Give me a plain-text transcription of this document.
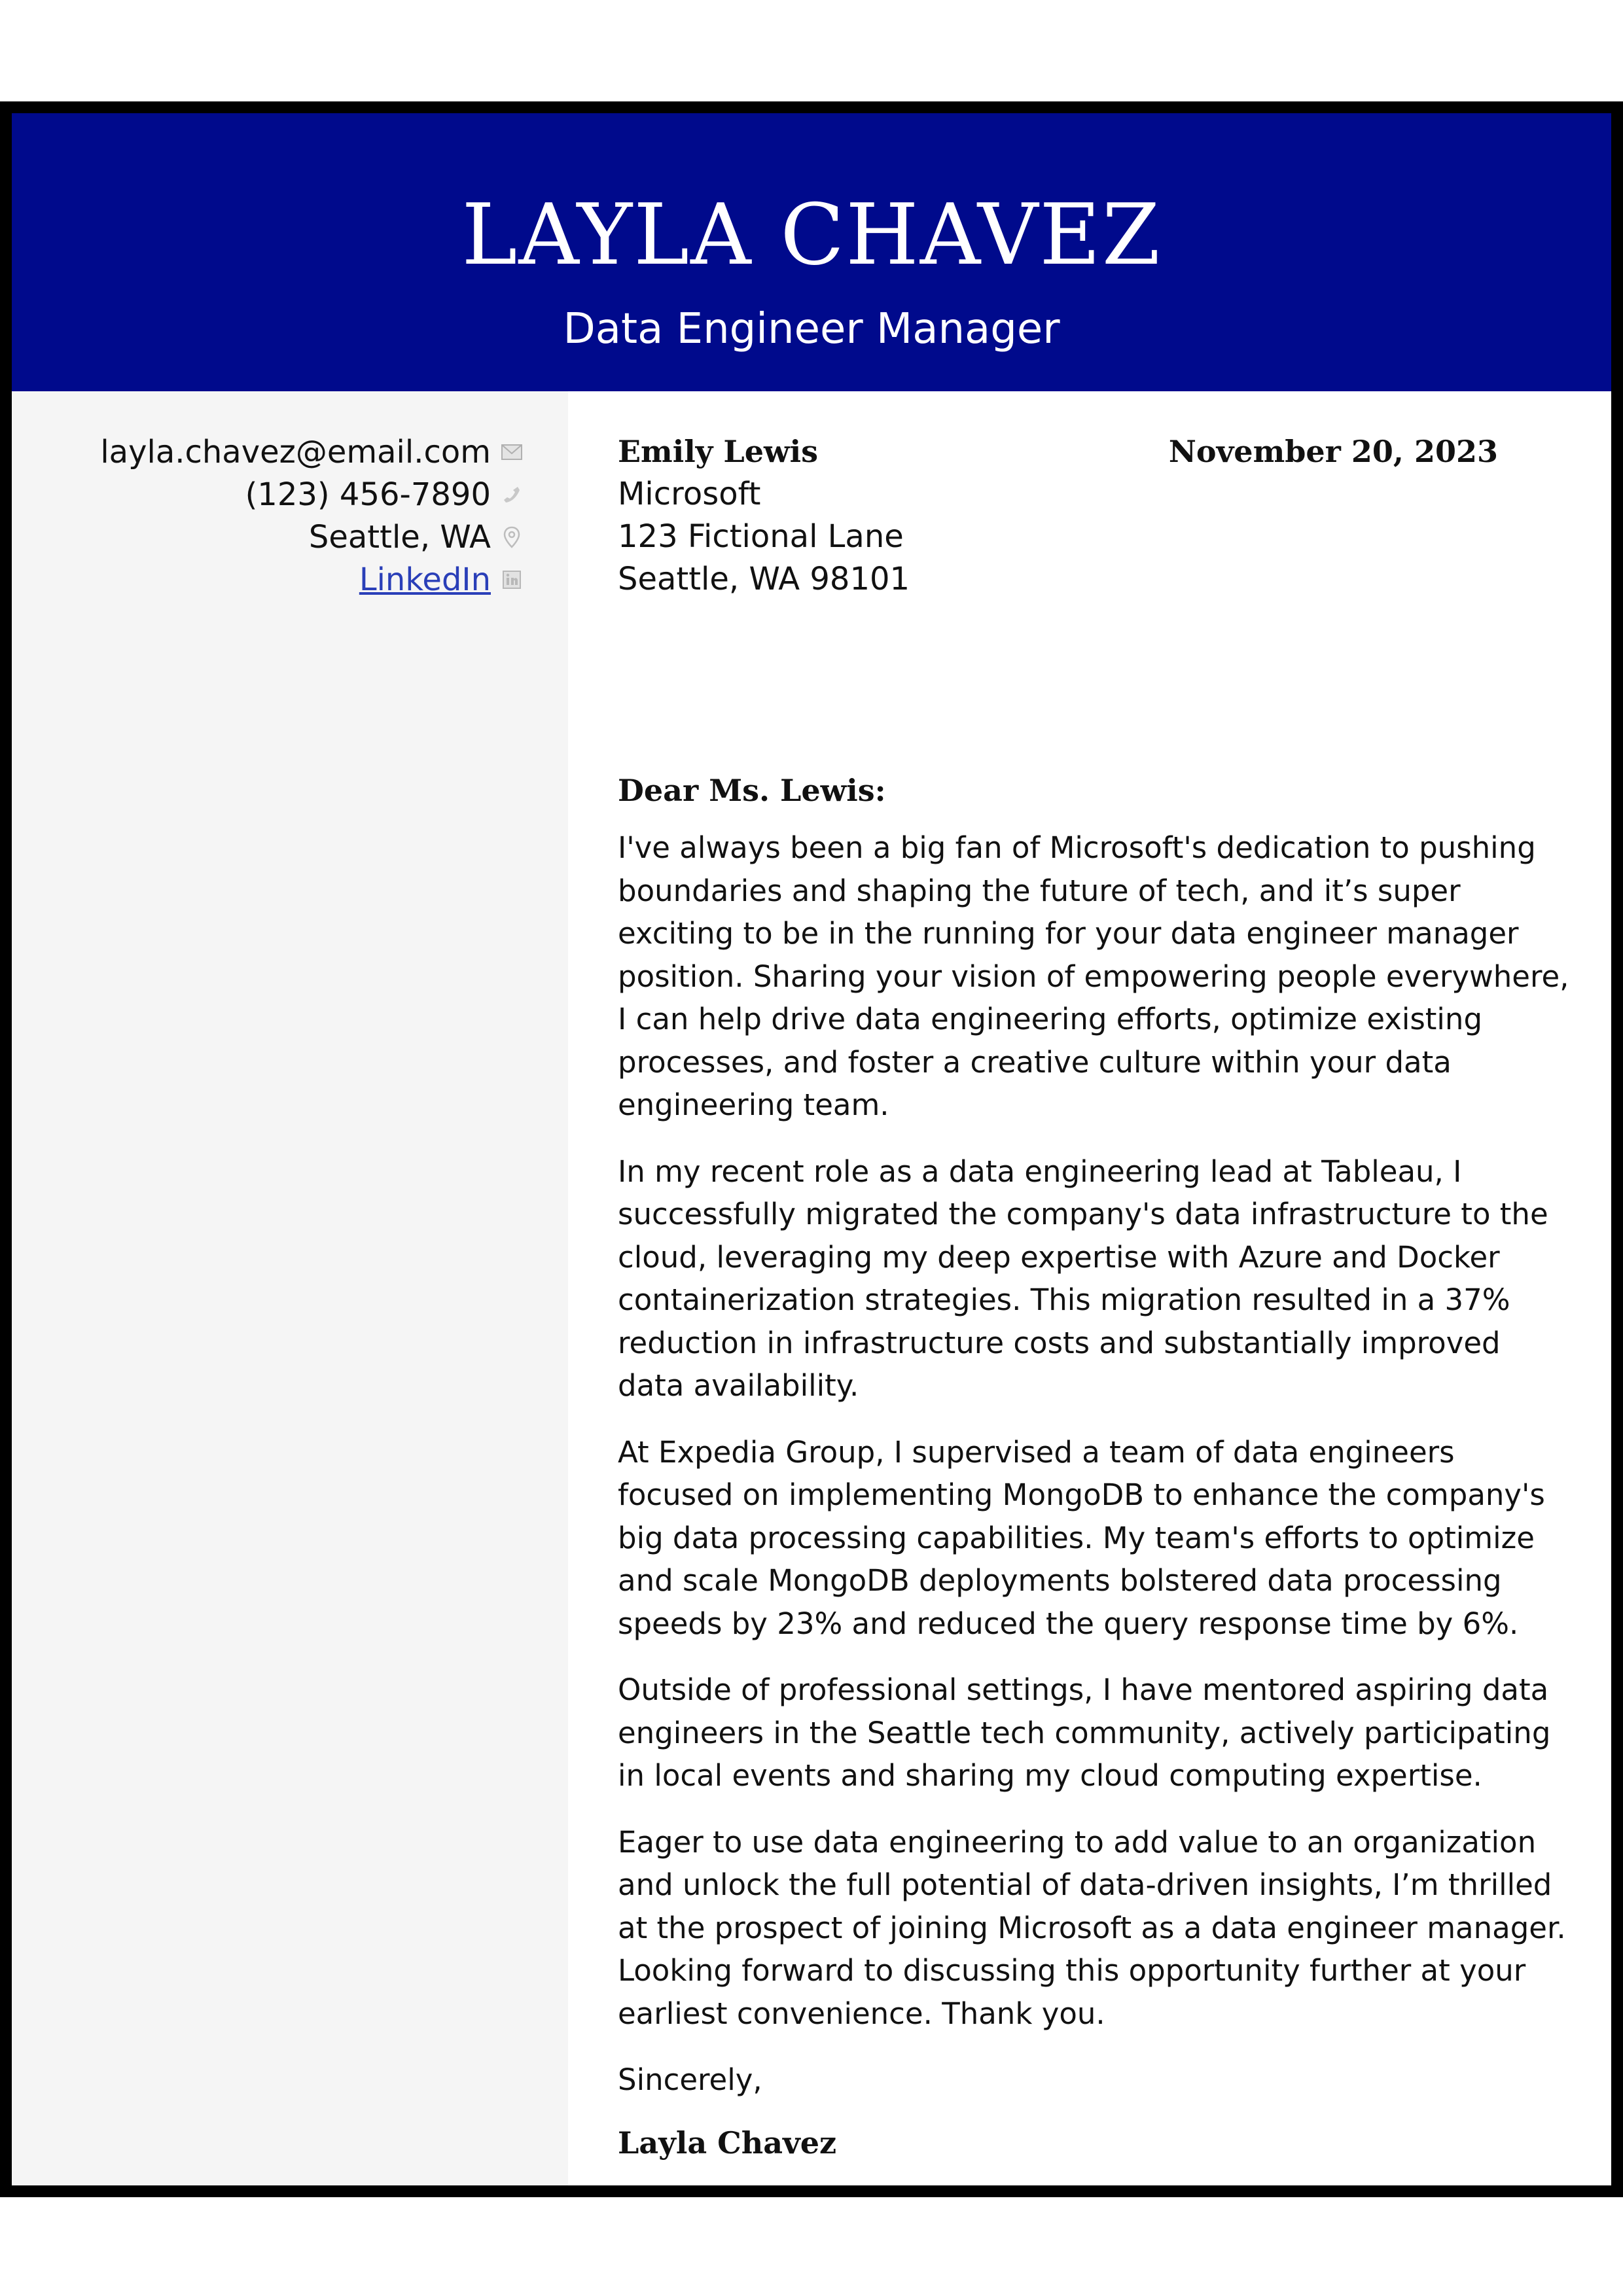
LAYLA CHAVEZ
Data Engineer Manager
layla.chavez@email.com
(123) 456-7890
Seattle, WA
LinkedIn
Emily Lewis
Microsoft
123 Fictional Lane
Seattle, WA 98101
November 20, 2023
Dear Ms. Lewis:

I've always been a big fan of Microsoft's dedication to pushing boundaries and shaping the future of tech, and it’s super exciting to be in the running for your data engineer manager position. Sharing your vision of empowering people everywhere, I can help drive data engineering efforts, optimize existing processes, and foster a creative culture within your data engineering team.

In my recent role as a data engineering lead at Tableau, I successfully migrated the company's data infrastructure to the cloud, leveraging my deep expertise with Azure and Docker containerization strategies. This migration resulted in a 37% reduction in infrastructure costs and substantially improved data availability.

At Expedia Group, I supervised a team of data engineers focused on implementing MongoDB to enhance the company's big data processing capabilities. My team's efforts to optimize and scale MongoDB deployments bolstered data processing speeds by 23% and reduced the query response time by 6%.

Outside of professional settings, I have mentored aspiring data engineers in the Seattle tech community, actively participating in local events and sharing my cloud computing expertise.

Eager to use data engineering to add value to an organization and unlock the full potential of data-driven insights, I’m thrilled at the prospect of joining Microsoft as a data engineer manager. Looking forward to discussing this opportunity further at your earliest convenience. Thank you.

Sincerely,
Layla Chavez
